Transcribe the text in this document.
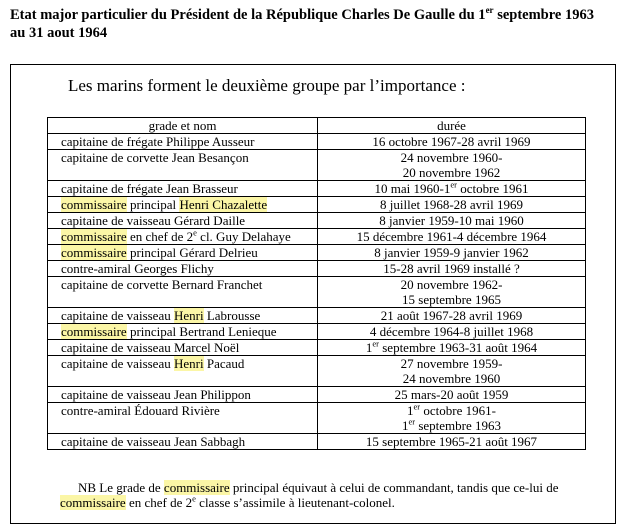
Etat major particulier du Président de la République Charles De Gaulle du 1er septembre 1963
au 31 aout 1964
Les marins forment le deuxième groupe par l’importance :
grade et nom	durée
capitaine de frégate Philippe Ausseur	16 octobre 1967-28 avril 1969
capitaine de corvette Jean Besançon	24 novembre 1960-
20 novembre 1962
capitaine de frégate Jean Brasseur	10 mai 1960-1er octobre 1961
commissaire principal Henri Chazalette	8 juillet 1968-28 avril 1969
capitaine de vaisseau Gérard Daille	8 janvier 1959-10 mai 1960
commissaire en chef de 2e cl. Guy Delahaye	15 décembre 1961-4 décembre 1964
commissaire principal Gérard Delrieu	8 janvier 1959-9 janvier 1962
contre-amiral Georges Flichy	15-28 avril 1969 installé ?
capitaine de corvette Bernard Franchet	20 novembre 1962-
15 septembre 1965
capitaine de vaisseau Henri Labrousse	21 août 1967-28 avril 1969
commissaire principal Bertrand Lenieque	4 décembre 1964-8 juillet 1968
capitaine de vaisseau Marcel Noël	1er septembre 1963-31 août 1964
capitaine de vaisseau Henri Pacaud	27 novembre 1959-
24 novembre 1960
capitaine de vaisseau Jean Philippon	25 mars-20 août 1959
contre-amiral Édouard Rivière	1er octobre 1961-
1er septembre 1963
capitaine de vaisseau Jean Sabbagh	15 septembre 1965-21 août 1967
NB Le grade de commissaire principal équivaut à celui de commandant, tandis que ce-lui de commissaire en chef de 2e classe s’assimile à lieutenant-colonel.
